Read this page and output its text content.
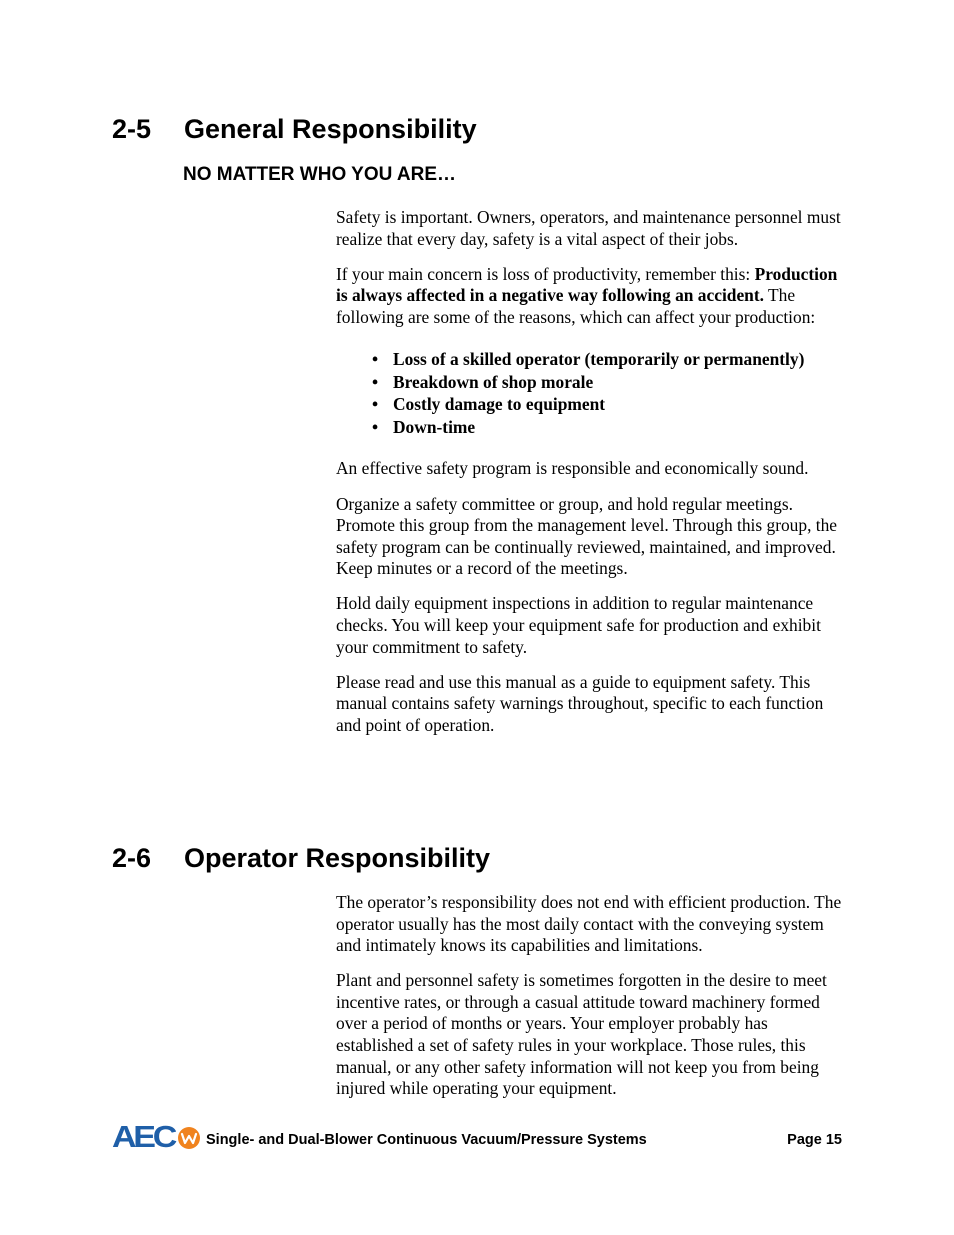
2-5 General Responsibility
NO MATTER WHO YOU ARE…

Safety is important. Owners, operators, and maintenance personnel must realize that every day, safety is a vital aspect of their jobs.

If your main concern is loss of productivity, remember this: Production is always affected in a negative way following an accident. The following are some of the reasons, which can affect your production:

• Loss of a skilled operator (temporarily or permanently)
• Breakdown of shop morale
• Costly damage to equipment
• Down-time

An effective safety program is responsible and economically sound.

Organize a safety committee or group, and hold regular meetings. Promote this group from the management level. Through this group, the safety program can be continually reviewed, maintained, and improved. Keep minutes or a record of the meetings.

Hold daily equipment inspections in addition to regular maintenance checks. You will keep your equipment safe for production and exhibit your commitment to safety.

Please read and use this manual as a guide to equipment safety. This manual contains safety warnings throughout, specific to each function and point of operation.

2-6 Operator Responsibility

The operator’s responsibility does not end with efficient production. The operator usually has the most daily contact with the conveying system and intimately knows its capabilities and limitations.

Plant and personnel safety is sometimes forgotten in the desire to meet incentive rates, or through a casual attitude toward machinery formed over a period of months or years. Your employer probably has established a set of safety rules in your workplace. Those rules, this manual, or any other safety information will not keep you from being injured while operating your equipment.

AEC Single- and Dual-Blower Continuous Vacuum/Pressure Systems	Page 15
